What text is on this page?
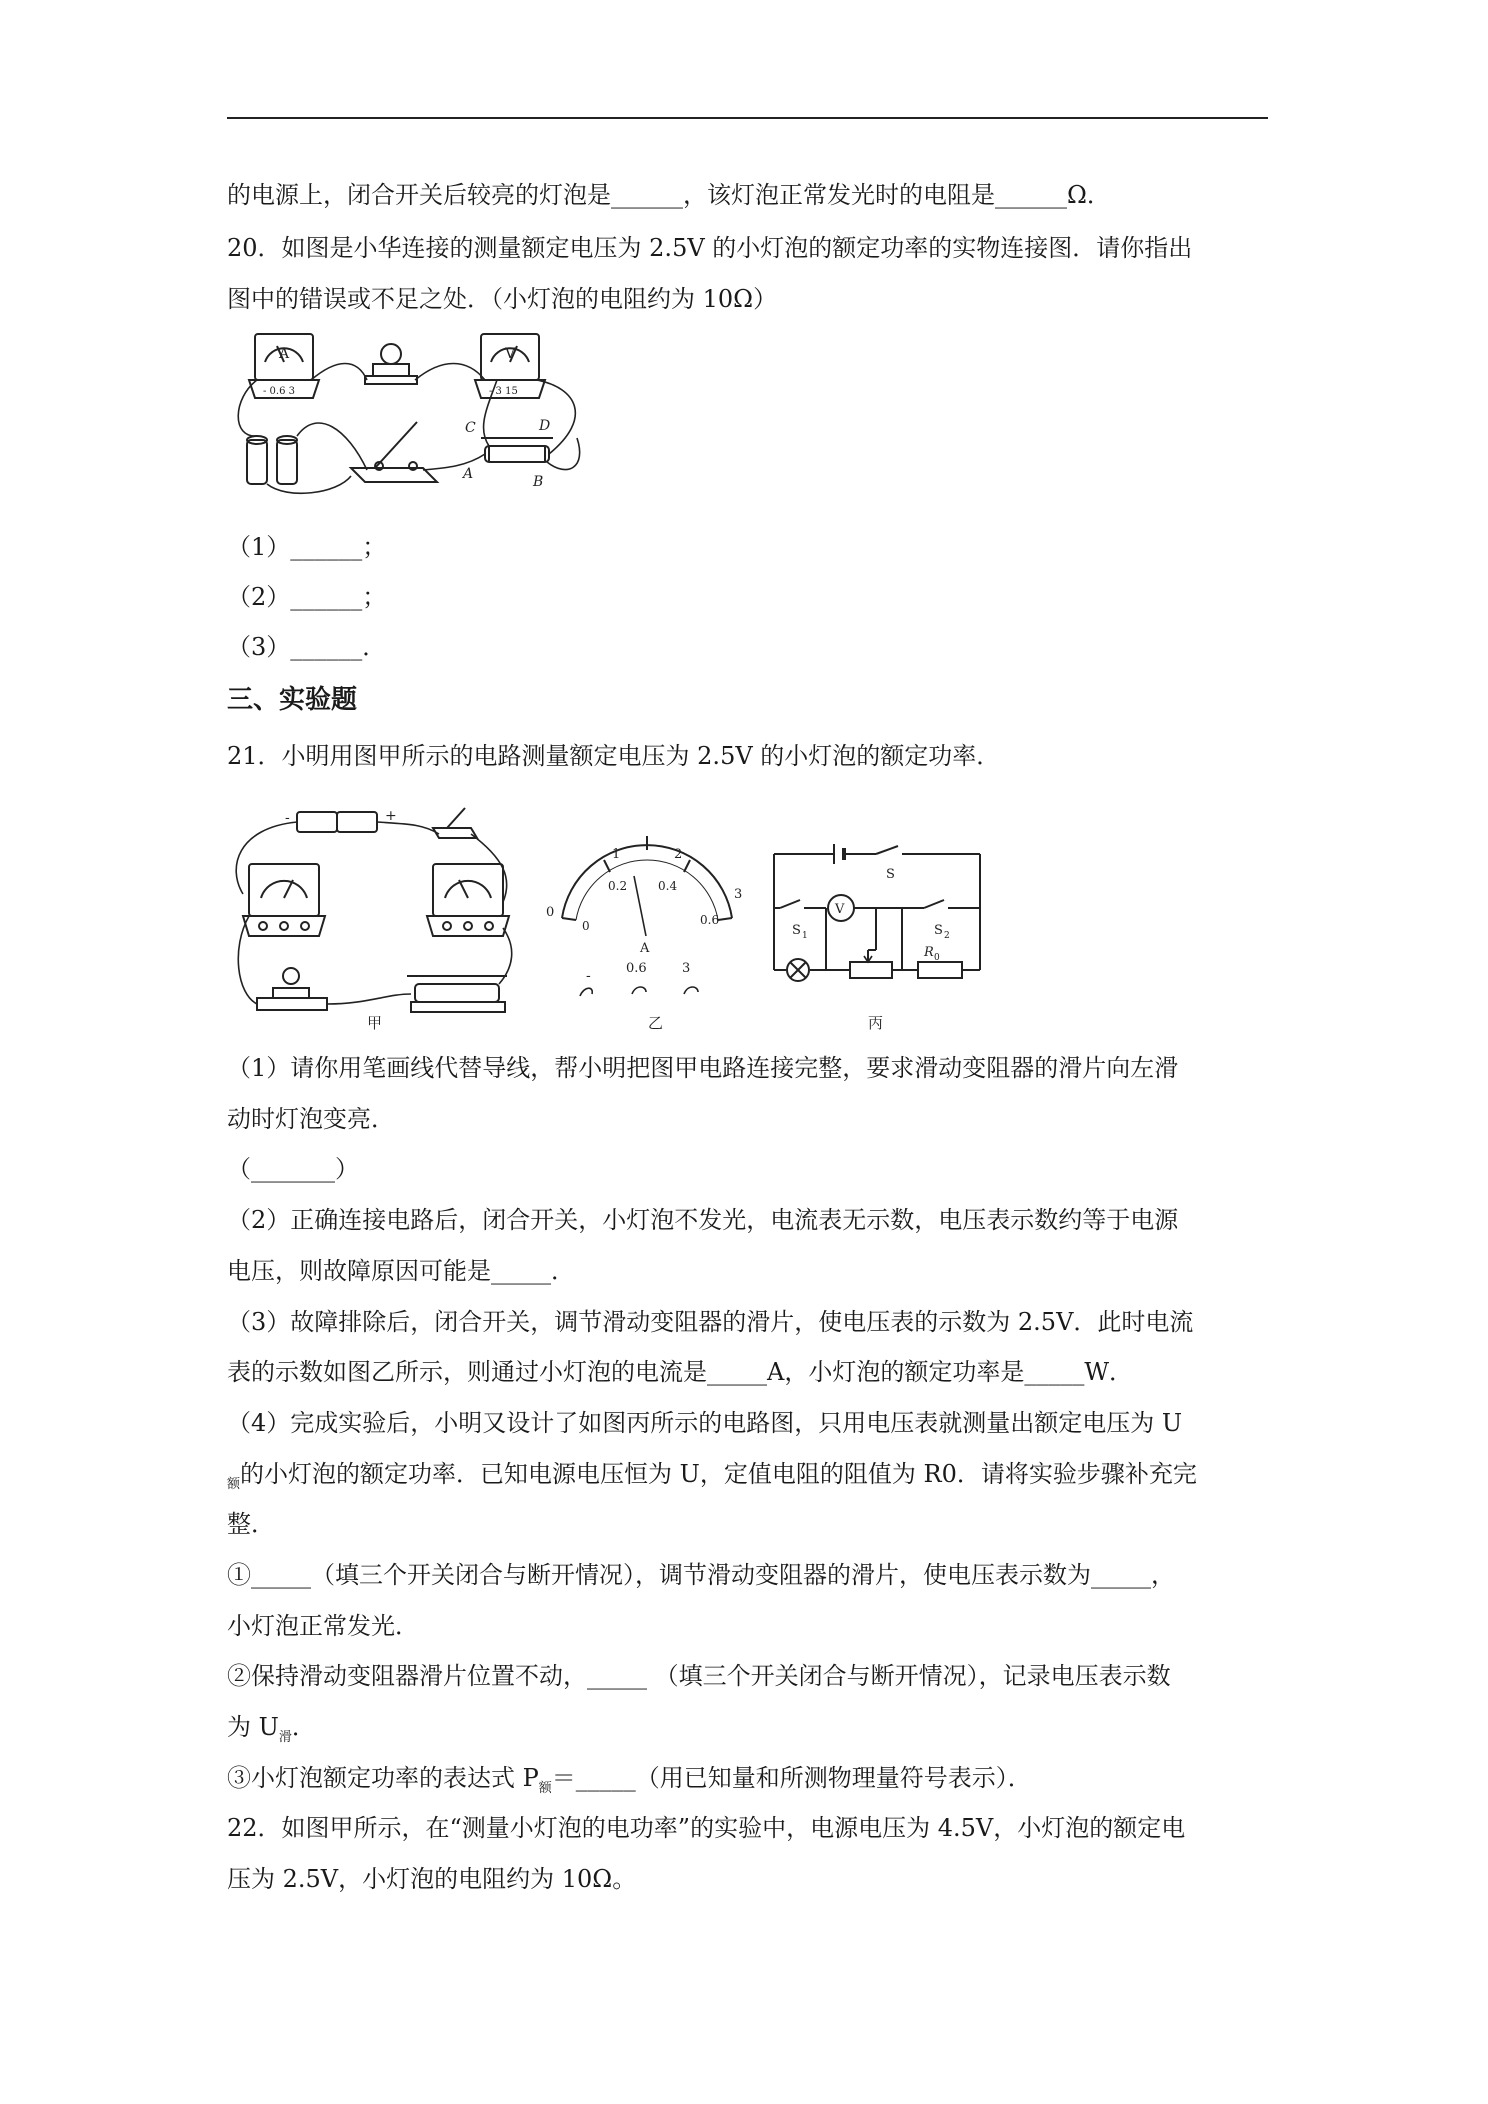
的电源上，闭合开关后较亮的灯泡是______，该灯泡正常发光时的电阻是______Ω．
20．如图是小华连接的测量额定电压为 2.5V 的小灯泡的额定功率的实物连接图．请你指出
图中的错误或不足之处．（小灯泡的电阻约为 10Ω）
A
- 0.6 3
V
- 3 15
C	D
A	B
（1）______；
（2）______；
（3）______．
三、实验题
21．小明用图甲所示的电路测量额定电压为 2.5V 的小灯泡的额定功率．
-	+
甲
0
1	2
3
0
0.2	0.4
0.6
A
-	0.6	3
乙
S
S 1
V
S 2
R 0
丙
（1）请你用笔画线代替导线，帮小明把图甲电路连接完整，要求滑动变阻器的滑片向左滑
动时灯泡变亮．
（_______）
（2）正确连接电路后，闭合开关，小灯泡不发光，电流表无示数，电压表示数约等于电源
电压，则故障原因可能是_____．
（3）故障排除后，闭合开关，调节滑动变阻器的滑片，使电压表的示数为 2.5V．此时电流
表的示数如图乙所示，则通过小灯泡的电流是_____A，小灯泡的额定功率是_____W．
（4）完成实验后，小明又设计了如图丙所示的电路图，只用电压表就测量出额定电压为 U
$_额$的小灯泡的额定功率．已知电源电压恒为 U，定值电阻的阻值为 R0．请将实验步骤补充完
整．
①_____（填三个开关闭合与断开情况），调节滑动变阻器的滑片，使电压表示数为_____，
小灯泡正常发光．
②保持滑动变阻器滑片位置不动，_____ （填三个开关闭合与断开情况），记录电压表示数
为 $U_滑$．
③小灯泡额定功率的表达式 $P_额=\_\_\_\_\_$（用已知量和所测物理量符号表示）．
22．如图甲所示，在“测量小灯泡的电功率”的实验中，电源电压为 4.5V，小灯泡的额定电
压为 2.5V，小灯泡的电阻约为 10Ω。
